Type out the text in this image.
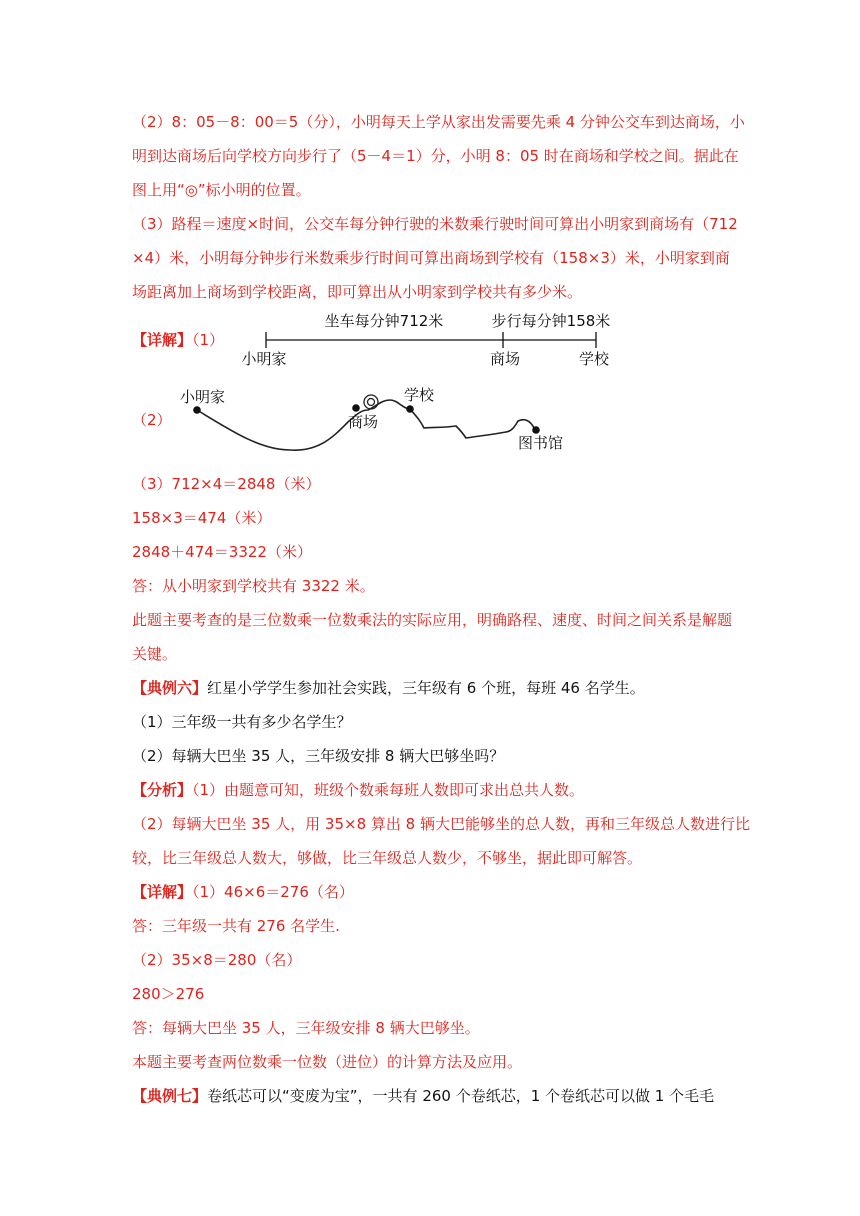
（2）8：05－8：00＝5（分），小明每天上学从家出发需要先乘 4 分钟公交车到达商场，小
明到达商场后向学校方向步行了（5－4＝1）分，小明 8：05 时在商场和学校之间。据此在
图上用“◎”标小明的位置。
（3）路程＝速度×时间，公交车每分钟行驶的米数乘行驶时间可算出小明家到商场有（712
×4）米，小明每分钟步行米数乘步行时间可算出商场到学校有（158×3）米，小明家到商
场距离加上商场到学校距离，即可算出从小明家到学校共有多少米。
【详解】（1）
坐车每分钟712米	步行每分钟158米
小明家	商场	学校
（2）
小明家
商场
学校
图书馆
（3）712×4＝2848（米）
158×3＝474（米）
2848＋474＝3322（米）
答：从小明家到学校共有 3322 米。
此题主要考查的是三位数乘一位数乘法的实际应用，明确路程、速度、时间之间关系是解题
关键。
【典例六】红星小学学生参加社会实践，三年级有 6 个班，每班 46 名学生。
（1）三年级一共有多少名学生？
（2）每辆大巴坐 35 人，三年级安排 8 辆大巴够坐吗？
【分析】（1）由题意可知，班级个数乘每班人数即可求出总共人数。
（2）每辆大巴坐 35 人，用 35×8 算出 8 辆大巴能够坐的总人数，再和三年级总人数进行比
较，比三年级总人数大，够做，比三年级总人数少，不够坐，据此即可解答。
【详解】（1）46×6＝276（名）
答：三年级一共有 276 名学生.
（2）35×8＝280（名）
280＞276
答：每辆大巴坐 35 人，三年级安排 8 辆大巴够坐。
本题主要考查两位数乘一位数（进位）的计算方法及应用。
【典例七】卷纸芯可以“变废为宝”，一共有 260 个卷纸芯，1 个卷纸芯可以做 1 个毛毛
